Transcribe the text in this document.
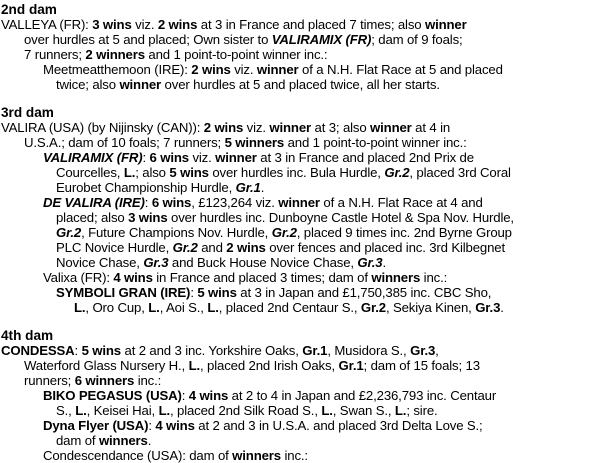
2nd dam
VALLEYA (FR): 3 wins viz. 2 wins at 3 in France and placed 7 times; also winner
over hurdles at 5 and placed; Own sister to VALIRAMIX (FR); dam of 9 foals;
7 runners; 2 winners and 1 point-to-point winner inc.:
Meetmeatthemoon (IRE): 2 wins viz. winner of a N.H. Flat Race at 5 and placed
twice; also winner over hurdles at 5 and placed twice, all her starts.
3rd dam
VALIRA (USA) (by Nijinsky (CAN)): 2 wins viz. winner at 3; also winner at 4 in
U.S.A.; dam of 10 foals; 7 runners; 5 winners and 1 point-to-point winner inc.:
VALIRAMIX (FR): 6 wins viz. winner at 3 in France and placed 2nd Prix de
Courcelles, L.; also 5 wins over hurdles inc. Bula Hurdle, Gr.2, placed 3rd Coral
Eurobet Championship Hurdle, Gr.1.
DE VALIRA (IRE): 6 wins, £123,264 viz. winner of a N.H. Flat Race at 4 and
placed; also 3 wins over hurdles inc. Dunboyne Castle Hotel & Spa Nov. Hurdle,
Gr.2, Future Champions Nov. Hurdle, Gr.2, placed 9 times inc. 2nd Byrne Group
PLC Novice Hurdle, Gr.2 and 2 wins over fences and placed inc. 3rd Kilbegnet
Novice Chase, Gr.3 and Buck House Novice Chase, Gr.3.
Valixa (FR): 4 wins in France and placed 3 times; dam of winners inc.:
SYMBOLI GRAN (IRE): 5 wins at 3 in Japan and £1,750,385 inc. CBC Sho,
L., Oro Cup, L., Aoi S., L., placed 2nd Centaur S., Gr.2, Sekiya Kinen, Gr.3.
4th dam
CONDESSA: 5 wins at 2 and 3 inc. Yorkshire Oaks, Gr.1, Musidora S., Gr.3,
Waterford Glass Nursery H., L., placed 2nd Irish Oaks, Gr.1; dam of 15 foals; 13
runners; 6 winners inc.:
BIKO PEGASUS (USA): 4 wins at 2 to 4 in Japan and £2,236,793 inc. Centaur
S., L., Keisei Hai, L., placed 2nd Silk Road S., L., Swan S., L.; sire.
Dyna Flyer (USA): 4 wins at 2 and 3 in U.S.A. and placed 3rd Delta Love S.;
dam of winners.
Condescendance (USA): dam of winners inc.:
